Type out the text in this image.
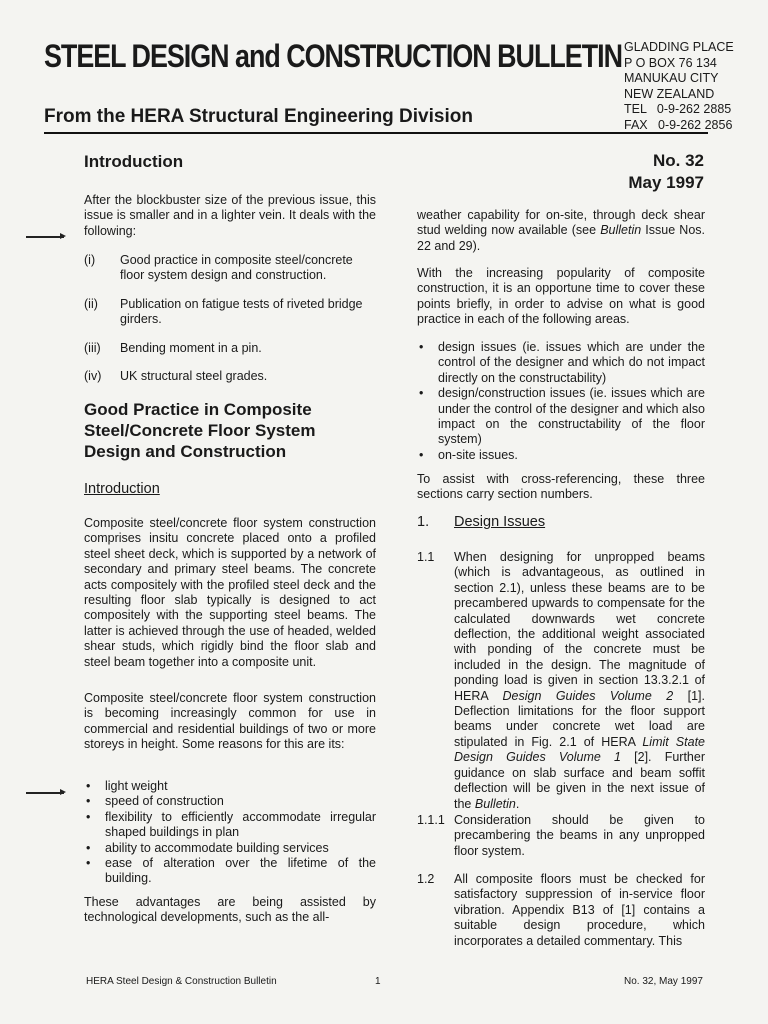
STEEL DESIGN and CONSTRUCTION BULLETIN
From the HERA Structural Engineering Division
GLADDING PLACE
P O BOX 76 134
MANUKAU CITY
NEW ZEALAND
TEL   0-9-262 2885
FAX   0-9-262 2856
No. 32
May 1997
Introduction

After the blockbuster size of the previous issue, this issue is smaller and in a lighter vein. It deals with the following:

(i)	Good practice in composite steel/concrete floor system design and construction.
(ii)	Publication on fatigue tests of riveted bridge girders.
(iii)	Bending moment in a pin.
(iv)	UK structural steel grades.
Good Practice in Composite
Steel/Concrete Floor System
Design and Construction
Introduction

Composite steel/concrete floor system construction comprises insitu concrete placed onto a profiled steel sheet deck, which is supported by a network of secondary and primary steel beams. The concrete acts compositely with the profiled steel deck and the resulting floor slab typically is designed to act compositely with the supporting steel beams. The latter is achieved through the use of headed, welded shear studs, which rigidly bind the floor slab and steel beam together into a composite unit.

Composite steel/concrete floor system construction is becoming increasingly common for use in commercial and residential buildings of two or more storeys in height. Some reasons for this are its:

• light weight
• speed of construction
• flexibility to efficiently accommodate irregular shaped buildings in plan
• ability to accommodate building services
• ease of alteration over the lifetime of the building.

These advantages are being assisted by technological developments, such as the all-

weather capability for on-site, through deck shear stud welding now available (see Bulletin Issue Nos. 22 and 29).

With the increasing popularity of composite construction, it is an opportune time to cover these points briefly, in order to advise on what is good practice in each of the following areas.

• design issues (ie. issues which are under the control of the designer and which do not impact directly on the constructability)
• design/construction issues (ie. issues which are under the control of the designer and which also impact on the constructability of the floor system)
• on-site issues.

To assist with cross-referencing, these three sections carry section numbers.

1.	Design Issues
1.1	When designing for unpropped beams (which is advantageous, as outlined in section 2.1), unless these beams are to be precambered upwards to compensate for the calculated downwards wet concrete deflection, the additional weight associated with ponding of the concrete must be included in the design. The magnitude of ponding load is given in section 13.3.2.1 of HERA Design Guides Volume 2 [1]. Deflection limitations for the floor support beams under concrete wet load are stipulated in Fig. 2.1 of HERA Limit State Design Guides Volume 1 [2]. Further guidance on slab surface and beam soffit deflection will be given in the next issue of the Bulletin.
1.1.1 Consideration should be given to precambering the beams in any unpropped floor system.
1.2	All composite floors must be checked for satisfactory suppression of in-service floor vibration. Appendix B13 of [1] contains a suitable design procedure, which incorporates a detailed commentary. This
HERA Steel Design & Construction Bulletin	1	No. 32, May 1997
